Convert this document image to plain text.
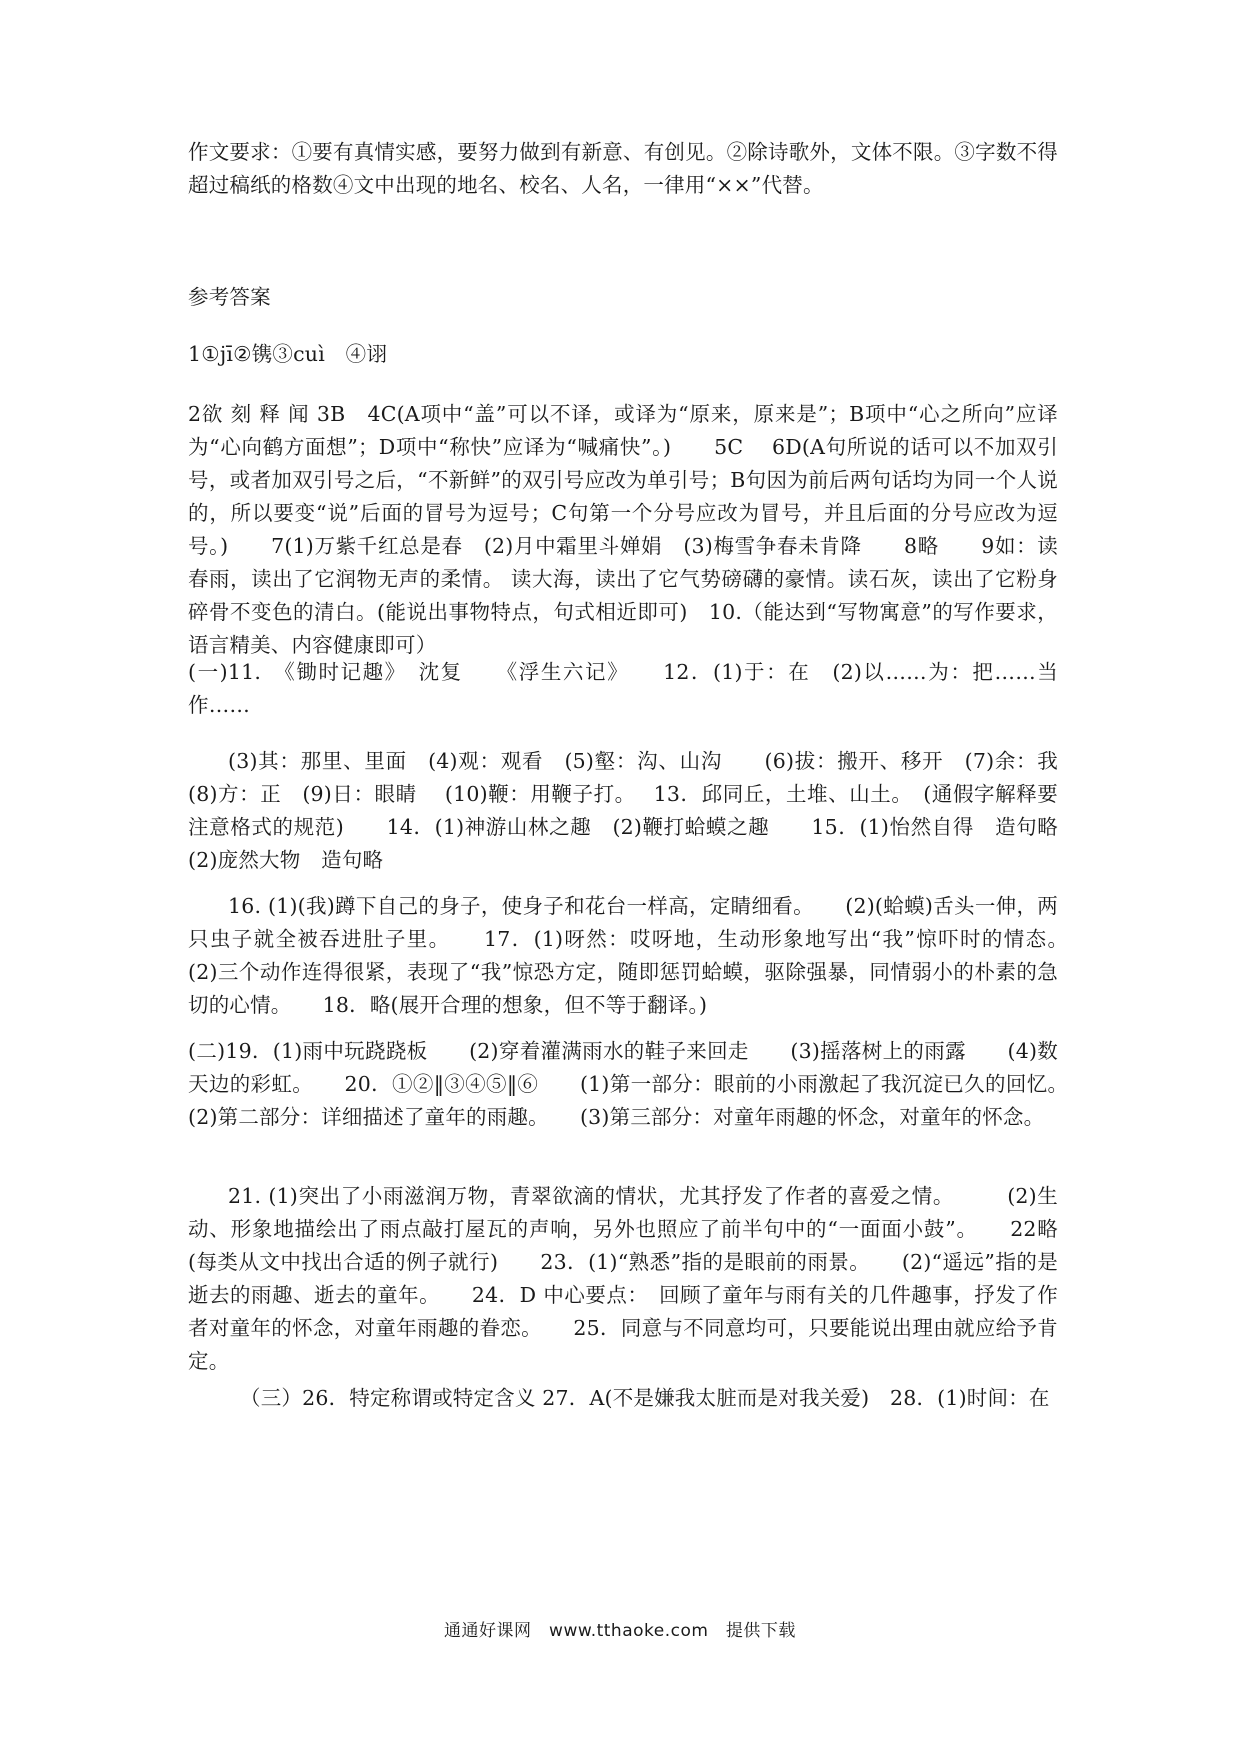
作文要求：①要有真情实感，要努力做到有新意、有创见。②除诗歌外，文体不限。③字数不得超过稿纸的格数④文中出现的地名、校名、人名，一律用“××”代替。
参考答案
1①jī②镌③cuì　④诩
2欲 刻 释 闻 3B　4C(A项中“盖”可以不译，或译为“原来，原来是”；B项中“心之所向”应译为“心向鹤方面想”；D项中“称快”应译为“喊痛快”。)　　5C　 6D(A句所说的话可以不加双引号，或者加双引号之后，“不新鲜”的双引号应改为单引号；B句因为前后两句话均为同一个人说的，所以要变“说”后面的冒号为逗号；C句第一个分号应改为冒号，并且后面的分号应改为逗号。)　　7(1)万紫千红总是春　(2)月中霜里斗婵娟　(3)梅雪争春未肯降　　8略　　9如：读春雨，读出了它润物无声的柔情。 读大海，读出了它气势磅礴的豪情。读石灰，读出了它粉身碎骨不变色的清白。(能说出事物特点，句式相近即可)　10.（能达到“写物寓意”的写作要求，语言精美、内容健康即可）
(一)11.　《锄时记趣》　沈复　　《浮生六记》　　12．(1)于：在　(2)以……为：把……当作……
(3)其：那里、里面　(4)观：观看　(5)壑：沟、山沟　　(6)拔：搬开、移开　(7)余：我　(8)方：正　(9)日：眼睛　 (10)鞭：用鞭子打。　 13．邱同丘，土堆、山土。　(通假字解释要注意格式的规范)　　14．(1)神游山林之趣　(2)鞭打蛤蟆之趣　　15．(1)怡然自得　造句略　(2)庞然大物　造句略
16. (1)(我)蹲下自己的身子，使身子和花台一样高，定睛细看。　　(2)(蛤蟆)舌头一伸，两只虫子就全被吞进肚子里。　　17．(1)呀然：哎呀地，生动形象地写出“我”惊吓时的情态。　　(2)三个动作连得很紧，表现了“我”惊恐方定，随即惩罚蛤蟆，驱除强暴，同情弱小的朴素的急切的心情。　　18．略(展开合理的想象，但不等于翻译。)
(二)19．(1)雨中玩跷跷板　　(2)穿着灌满雨水的鞋子来回走　　(3)摇落树上的雨露　　(4)数天边的彩虹。　　20．①②‖③④⑤‖⑥　　(1)第一部分：眼前的小雨激起了我沉淀已久的回忆。　　(2)第二部分：详细描述了童年的雨趣。　　(3)第三部分：对童年雨趣的怀念，对童年的怀念。
21. (1)突出了小雨滋润万物，青翠欲滴的情状，尤其抒发了作者的喜爱之情。　　　(2)生动、形象地描绘出了雨点敲打屋瓦的声响，另外也照应了前半句中的“一面面小鼓”。　　22略(每类从文中找出合适的例子就行)　　23．(1)“熟悉”指的是眼前的雨景。　　(2)“遥远”指的是逝去的雨趣、逝去的童年。　　24．D 中心要点：　回顾了童年与雨有关的几件趣事，抒发了作者对童年的怀念，对童年雨趣的眷恋。　　25．同意与不同意均可，只要能说出理由就应给予肯定。
（三）26．特定称谓或特定含义 27．A(不是嫌我太脏而是对我关爱)　28．(1)时间：在
通通好课网　www.tthaoke.com　提供下载
